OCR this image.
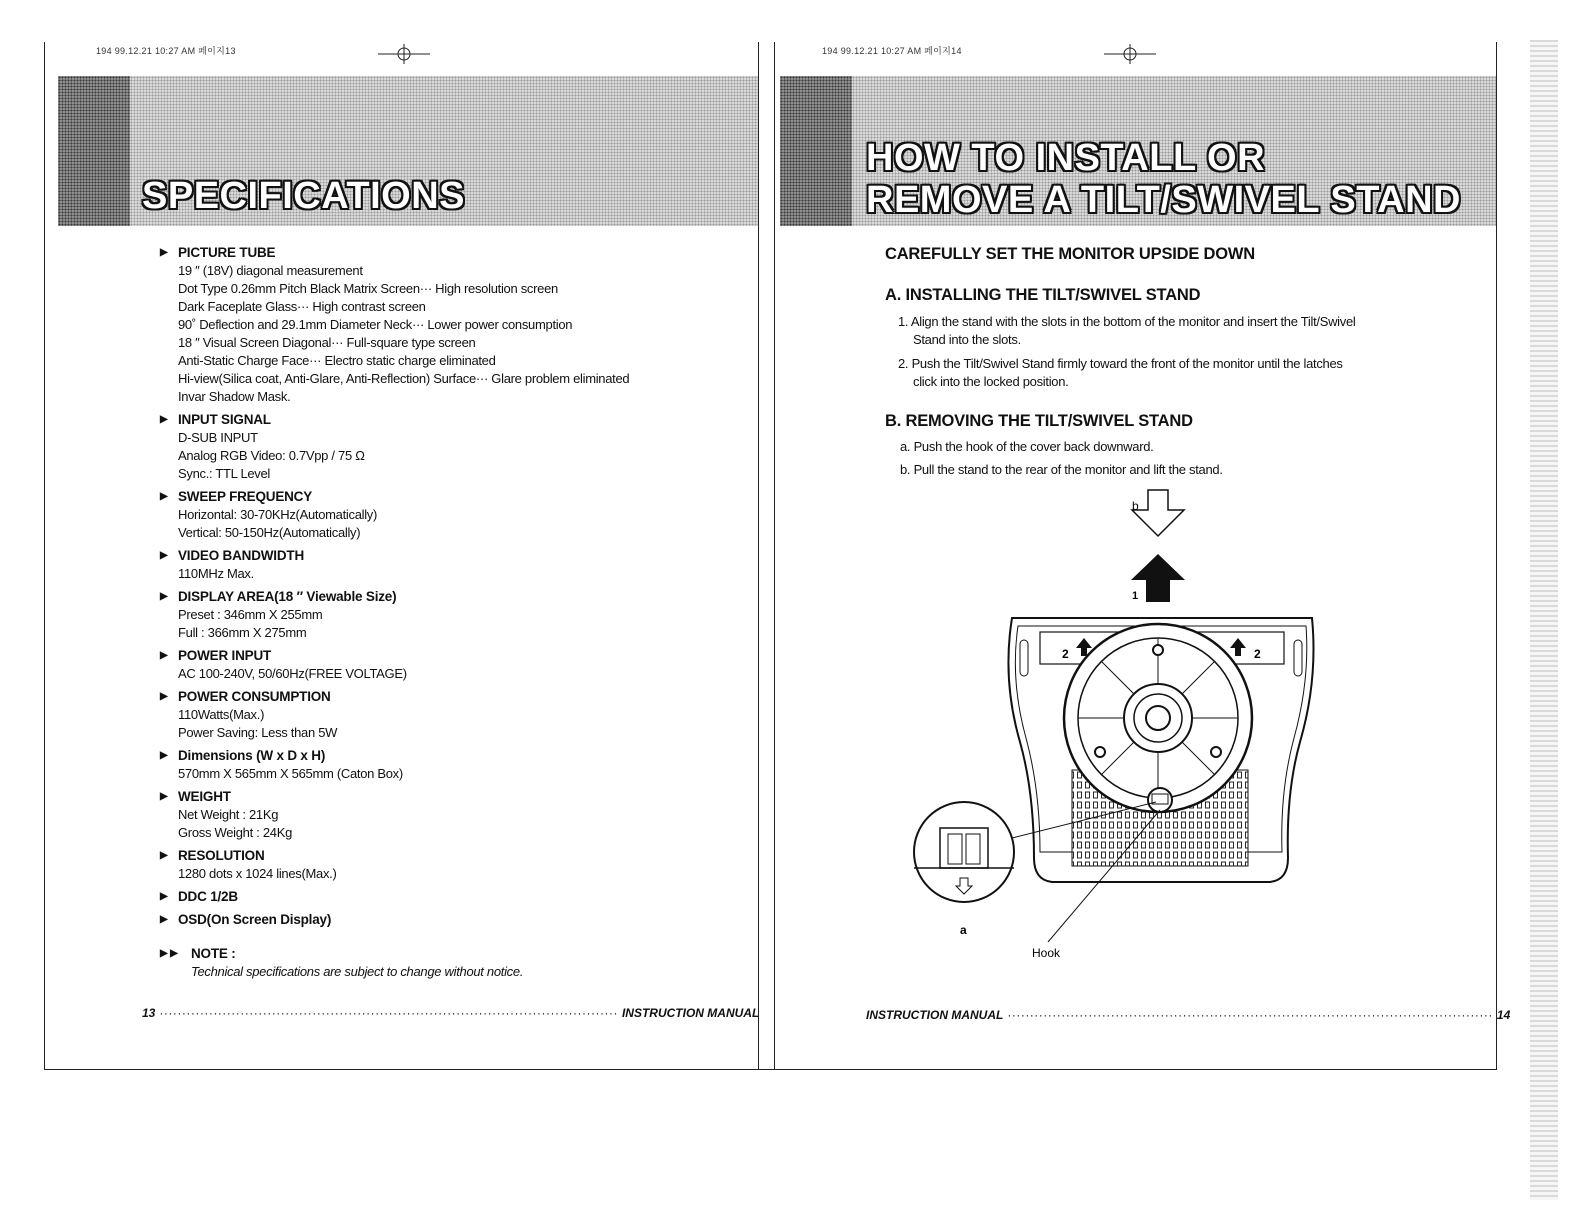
194 99.12.21 10:27 AM 페이지13	194 99.12.21 10:27 AM 페이지14
SPECIFICATIONS
▶ PICTURE TUBE
19 ″ (18V) diagonal measurement
Dot Type 0.26mm Pitch Black Matrix Screen··· High resolution screen
Dark Faceplate Glass··· High contrast screen
90˚ Deflection and 29.1mm Diameter Neck··· Lower power consumption
18 ″ Visual Screen Diagonal··· Full-square type screen
Anti-Static Charge Face··· Electro static charge eliminated
Hi-view(Silica coat, Anti-Glare, Anti-Reflection) Surface··· Glare problem eliminated
Invar Shadow Mask.
▶ INPUT SIGNAL
D-SUB INPUT
Analog RGB Video: 0.7Vpp / 75 Ω
Sync.: TTL Level
▶ SWEEP FREQUENCY
Horizontal: 30-70KHz(Automatically)
Vertical: 50-150Hz(Automatically)
▶ VIDEO BANDWIDTH
110MHz Max.
▶ DISPLAY AREA(18 ″ Viewable Size)
Preset : 346mm X 255mm
Full : 366mm X 275mm
▶ POWER INPUT
AC 100-240V, 50/60Hz(FREE VOLTAGE)
▶ POWER CONSUMPTION
110Watts(Max.)
Power Saving: Less than 5W
▶ Dimensions (W x D x H)
570mm X 565mm X 565mm (Caton Box)
▶ WEIGHT
Net Weight : 21Kg
Gross Weight : 24Kg
▶ RESOLUTION
1280 dots x 1024 lines(Max.)
▶ DDC 1/2B
▶ OSD(On Screen Display)
▶ ▶ NOTE :
Technical specifications are subject to change without notice.
13 ······································································································ INSTRUCTION MANUAL
HOW TO INSTALL OR
REMOVE A TILT/SWIVEL STAND
CAREFULLY SET THE MONITOR UPSIDE DOWN
A. INSTALLING THE TILT/SWIVEL STAND
1. Align the stand with the slots in the bottom of the monitor and insert the Tilt/Swivel
Stand into the slots.
2. Push the Tilt/Swivel Stand firmly toward the front of the monitor until the latches
click into the locked position.
B. REMOVING THE TILT/SWIVEL STAND
a. Push the hook of the cover back downward.
b. Pull the stand to the rear of the monitor and lift the stand.
b
1
2	2
a
Hook
INSTRUCTION MANUAL ············································································································ 14
